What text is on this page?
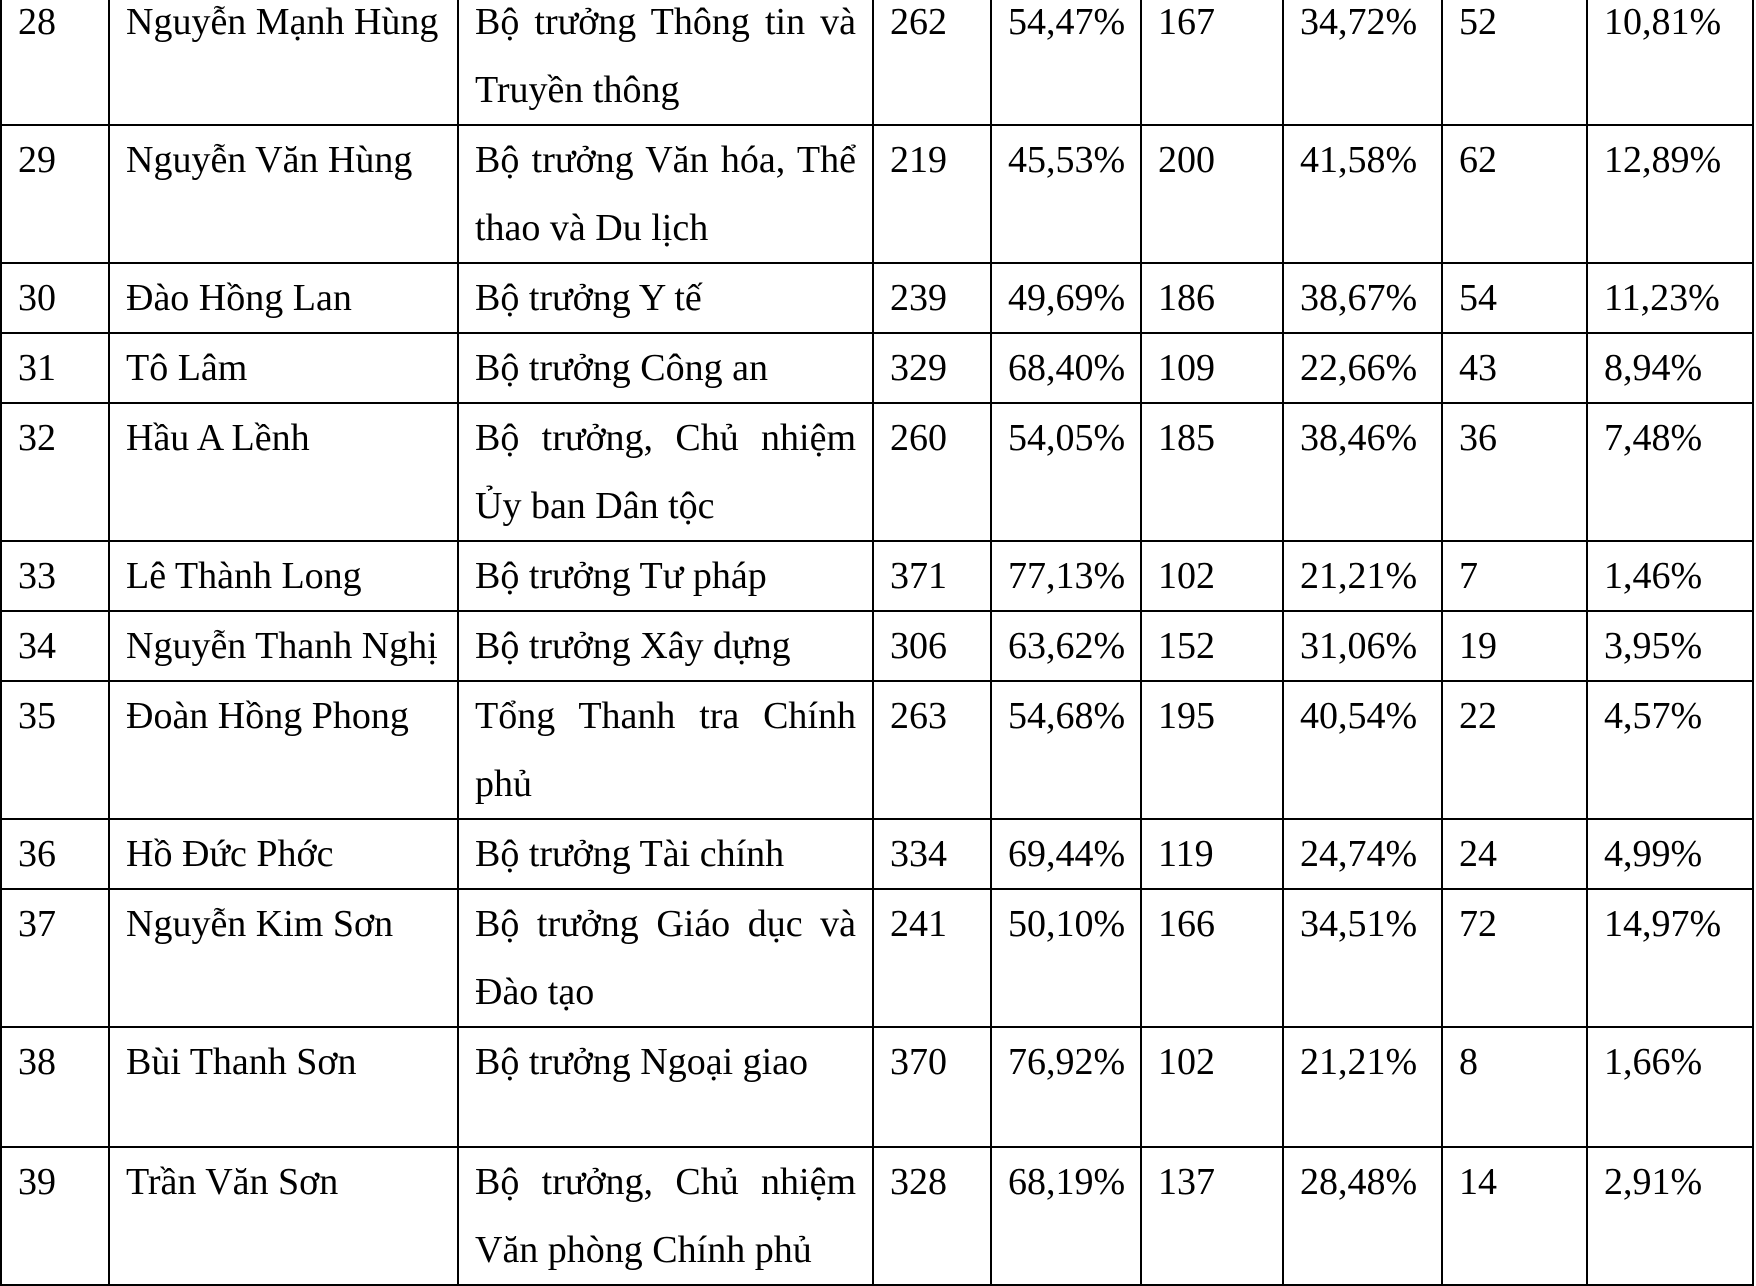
28	Nguyễn Mạnh Hùng	Bộ trưởng Thông tin và Truyền thông	262	54,47%	167	34,72%	52	10,81%
29	Nguyễn Văn Hùng	Bộ trưởng Văn hóa, Thể thao và Du lịch	219	45,53%	200	41,58%	62	12,89%
30	Đào Hồng Lan	Bộ trưởng Y tế	239	49,69%	186	38,67%	54	11,23%
31	Tô Lâm	Bộ trưởng Công an	329	68,40%	109	22,66%	43	8,94%
32	Hầu A Lềnh	Bộ trưởng, Chủ nhiệm Ủy ban Dân tộc	260	54,05%	185	38,46%	36	7,48%
33	Lê Thành Long	Bộ trưởng Tư pháp	371	77,13%	102	21,21%	7	1,46%
34	Nguyễn Thanh Nghị	Bộ trưởng Xây dựng	306	63,62%	152	31,06%	19	3,95%
35	Đoàn Hồng Phong	Tổng Thanh tra Chính phủ	263	54,68%	195	40,54%	22	4,57%
36	Hồ Đức Phớc	Bộ trưởng Tài chính	334	69,44%	119	24,74%	24	4,99%
37	Nguyễn Kim Sơn	Bộ trưởng Giáo dục và Đào tạo	241	50,10%	166	34,51%	72	14,97%
38	Bùi Thanh Sơn	Bộ trưởng Ngoại giao	370	76,92%	102	21,21%	8	1,66%
39	Trần Văn Sơn	Bộ trưởng, Chủ nhiệm Văn phòng Chính phủ	328	68,19%	137	28,48%	14	2,91%
